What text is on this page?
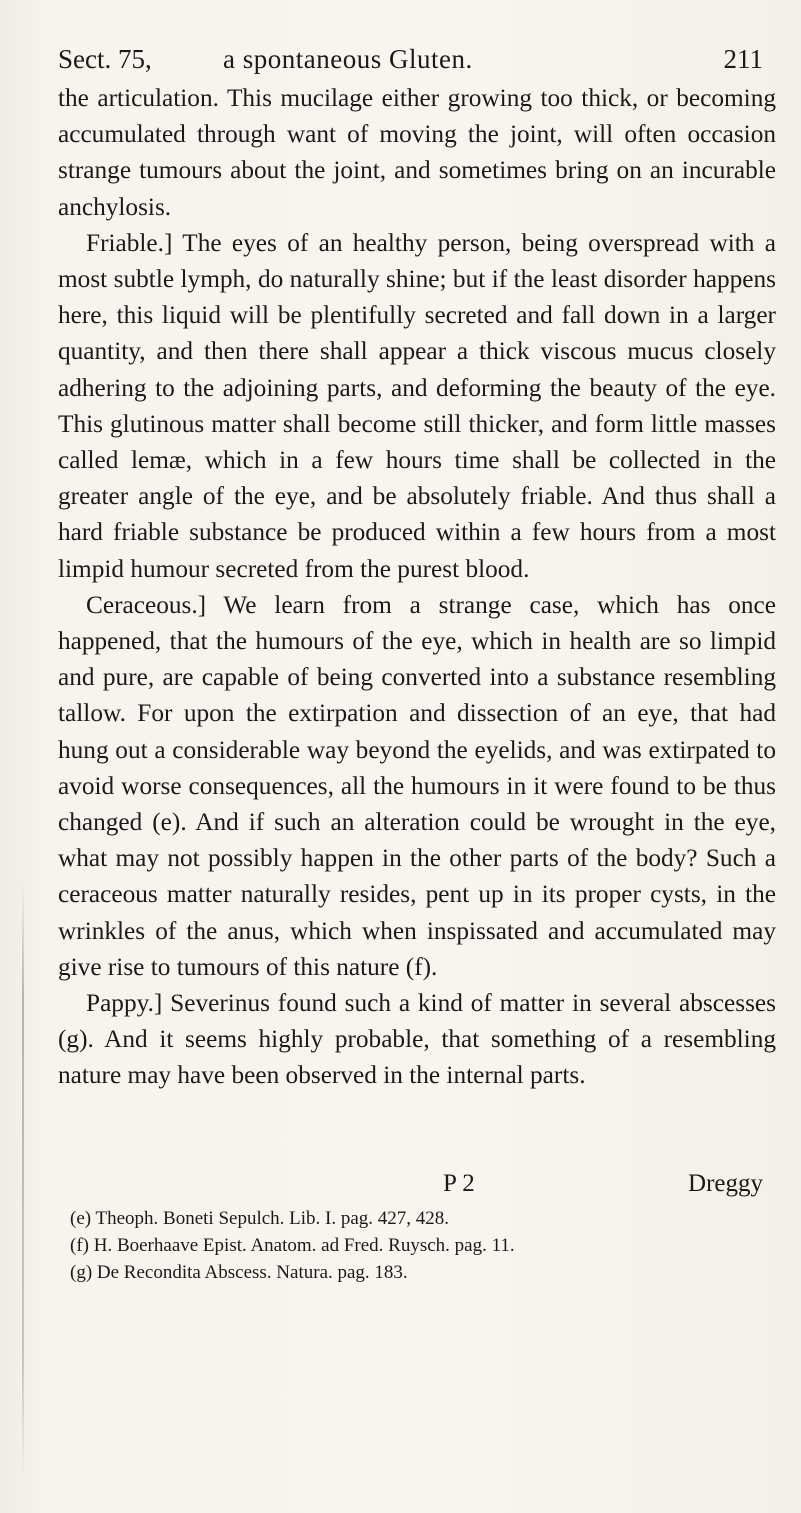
Sect. 75,	a spontaneous Gluten.	211

the articulation. This mucilage either growing too thick, or becoming accumulated through want of moving the joint, will often occasion strange tumours about the joint, and sometimes bring on an incurable anchylosis.

Friable.] The eyes of an healthy person, being overspread with a most subtle lymph, do naturally shine; but if the least disorder happens here, this liquid will be plentifully secreted and fall down in a larger quantity, and then there shall appear a thick viscous mucus closely adhering to the adjoining parts, and deforming the beauty of the eye. This glutinous matter shall become still thicker, and form little masses called lemæ, which in a few hours time shall be collected in the greater angle of the eye, and be absolutely friable. And thus shall a hard friable substance be produced within a few hours from a most limpid humour secreted from the purest blood.

Ceraceous.] We learn from a strange case, which has once happened, that the humours of the eye, which in health are so limpid and pure, are capable of being converted into a substance resembling tallow. For upon the extirpation and dissection of an eye, that had hung out a considerable way beyond the eyelids, and was extirpated to avoid worse consequences, all the humours in it were found to be thus changed (e). And if such an alteration could be wrought in the eye, what may not possibly happen in the other parts of the body? Such a ceraceous matter naturally resides, pent up in its proper cysts, in the wrinkles of the anus, which when inspissated and accumulated may give rise to tumours of this nature (f).

Pappy.] Severinus found such a kind of matter in several abscesses (g). And it seems highly probable, that something of a resembling nature may have been observed in the internal parts.

P 2	Dreggy
(e) Theoph. Boneti Sepulch. Lib. I. pag. 427, 428.
(f) H. Boerhaave Epist. Anatom. ad Fred. Ruysch. pag. 11.
(g) De Recondita Abscess. Natura. pag. 183.
